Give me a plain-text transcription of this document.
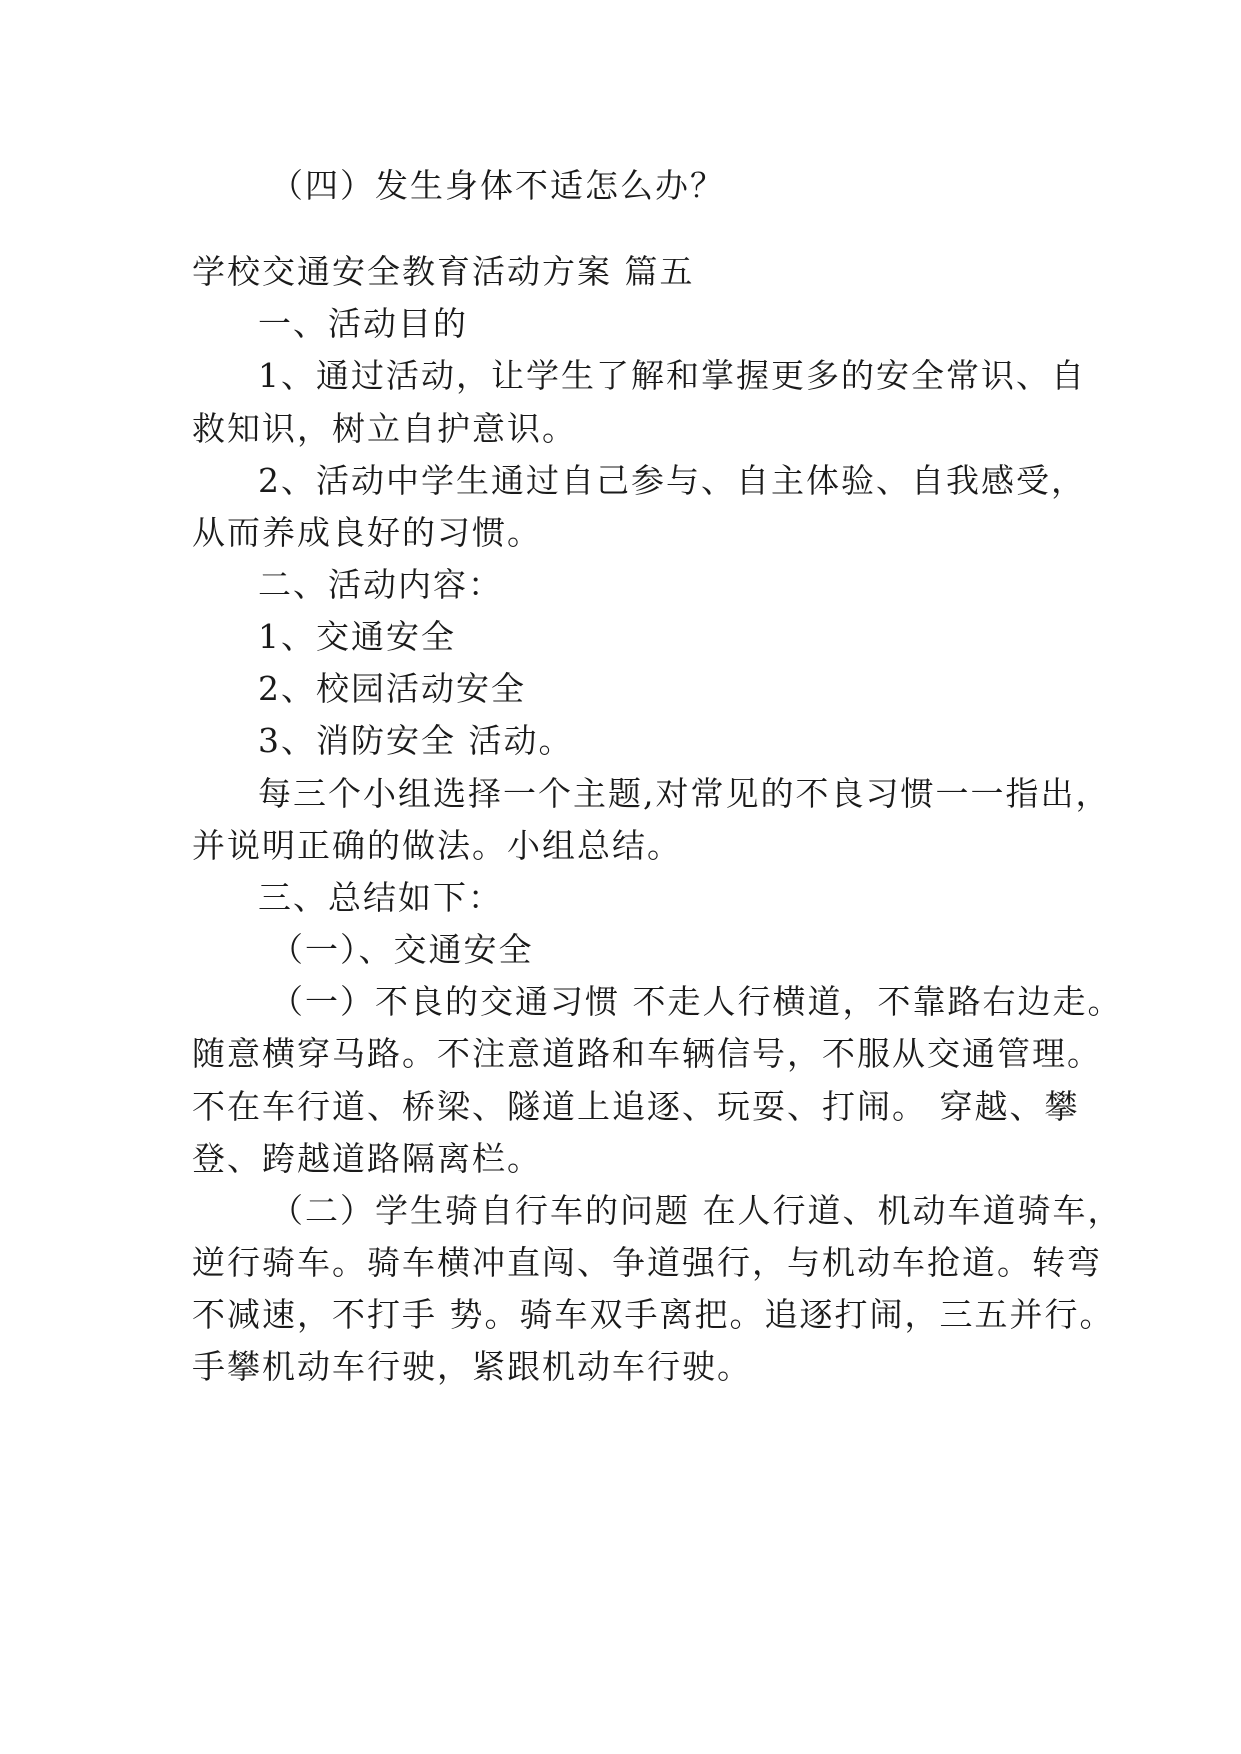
（四）发生身体不适怎么办？
学校交通安全教育活动方案 篇五
一、活动目的
1、通过活动，让学生了解和掌握更多的安全常识、自
救知识，树立自护意识。
2、活动中学生通过自己参与、自主体验、自我感受，
从而养成良好的习惯。
二、活动内容：
1、交通安全
2、校园活动安全
3、消防安全 活动。
每三个小组选择一个主题,对常见的不良习惯一一指出，
并说明正确的做法。小组总结。
三、总结如下：
（一）、交通安全
（一）不良的交通习惯 不走人行横道，不靠路右边走。
随意横穿马路。不注意道路和车辆信号，不服从交通管理。
不在车行道、桥梁、隧道上追逐、玩耍、打闹。 穿越、攀
登、跨越道路隔离栏。
（二）学生骑自行车的问题 在人行道、机动车道骑车，
逆行骑车。骑车横冲直闯、争道强行，与机动车抢道。转弯
不减速，不打手 势。骑车双手离把。追逐打闹，三五并行。
手攀机动车行驶，紧跟机动车行驶。
